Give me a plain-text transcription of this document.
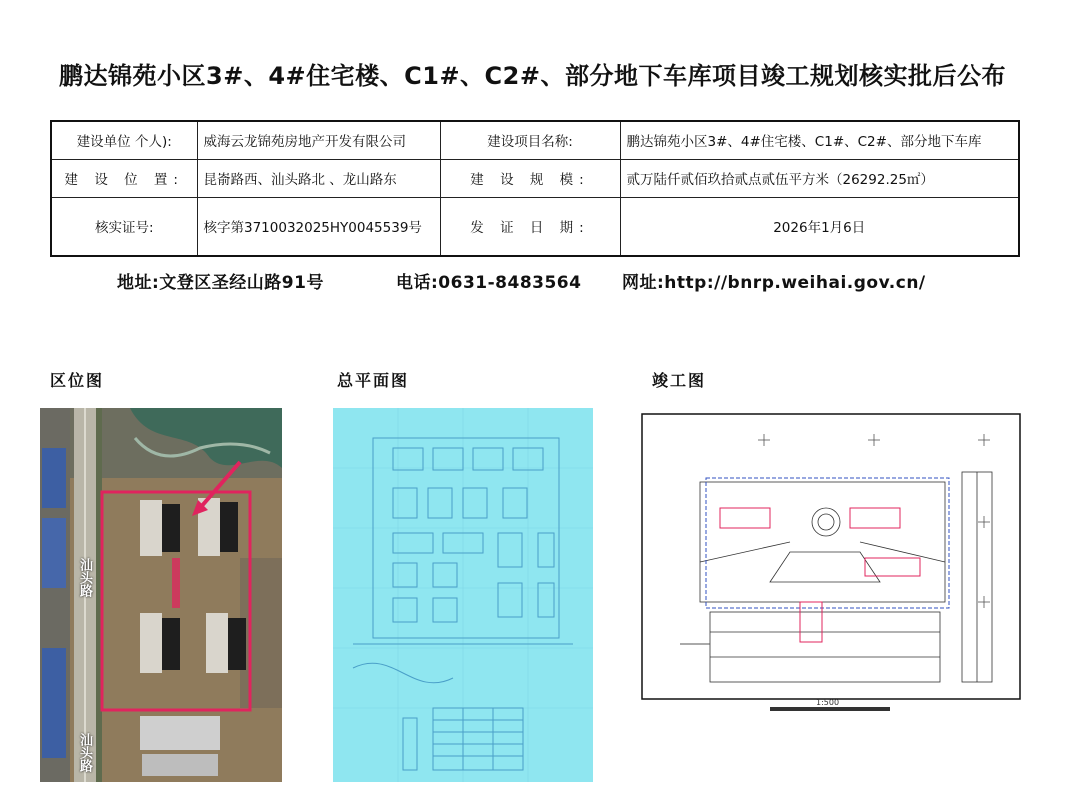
鹏达锦苑小区3#、4#住宅楼、C1#、C2#、部分地下车库项目竣工规划核实批后公布
建设单位 个人):	威海云龙锦苑房地产开发有限公司	建设项目名称:	鹏达锦苑小区3#、4#住宅楼、C1#、C2#、部分地下车库
建 设 位 置:	昆嵛路西、汕头路北 、龙山路东	建 设 规 模:	贰万陆仟贰佰玖拾贰点贰伍平方米（26292.25㎡）
核实证号:	核字第3710032025HY0045539号	发 证 日 期:	2026年1月6日
地址:文登区圣经山路91号	电话:0631-8483564 网址:http://bnrp.weihai.gov.cn/
区位图	总平面图	竣工图
汕头路
汕头路
1:500
